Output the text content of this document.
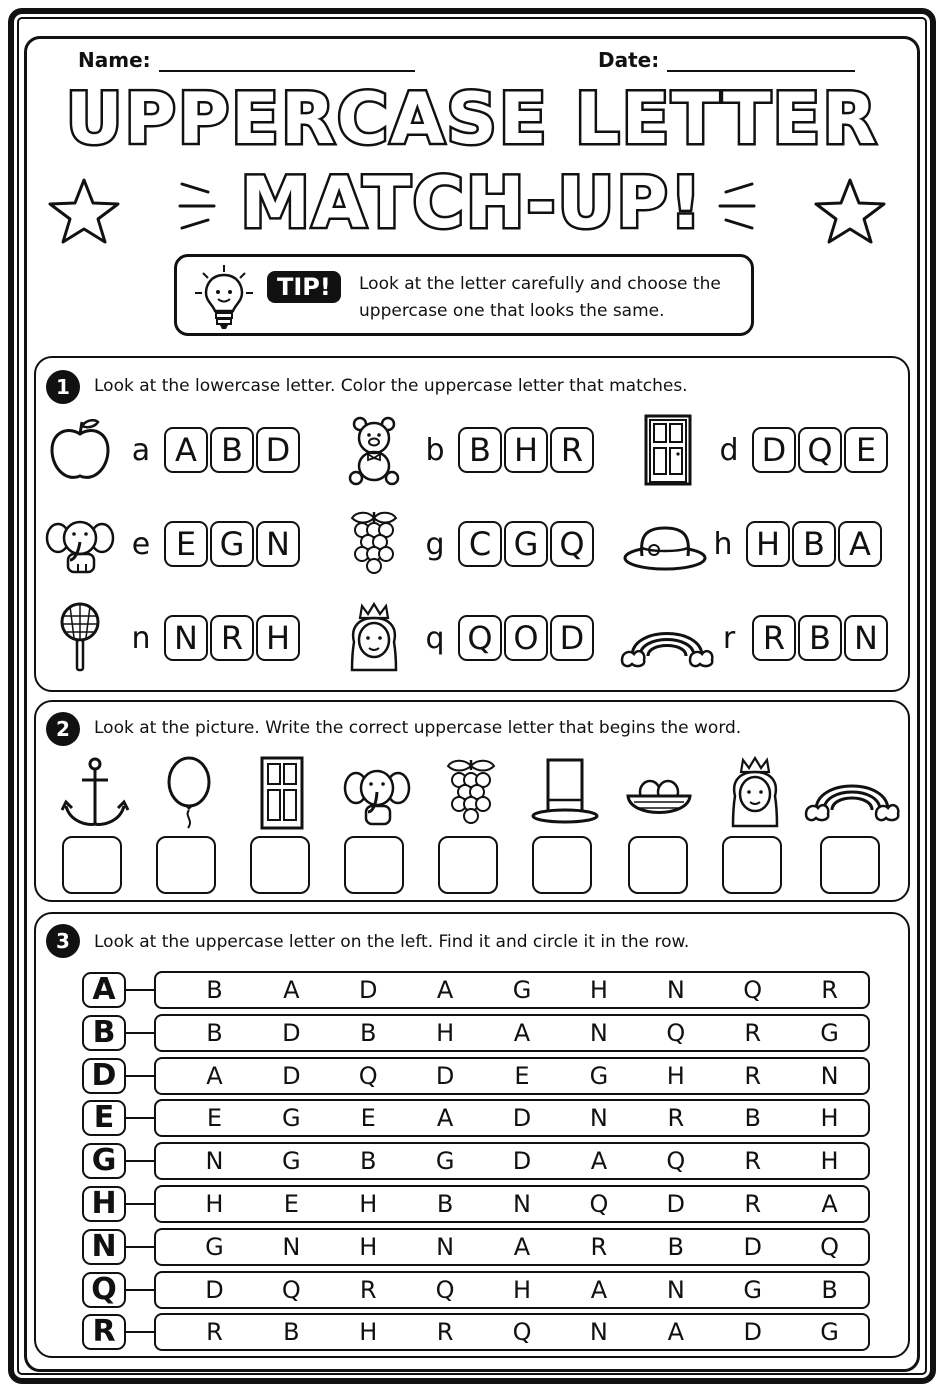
Name:	Date:
UPPERCASE LETTER
MATCH-UP!
TIP!	Look at the letter carefully and choose the uppercase one that looks the same.
1	Look at the lowercase letter. Color the uppercase letter that matches.
a A B D	b B H R	d D Q E
e E G N	g C G Q	h H B A
n N R H	q Q O D	r R B N
2	Look at the picture. Write the correct uppercase letter that begins the word.
3	Look at the uppercase letter on the left. Find it and circle it in the row.
A	B	A	D	A	G	H	N	Q	R
B	B	D	B	H	A	N	Q	R	G
D	A	D	Q	D	E	G	H	R	N
E	E	G	E	A	D	N	R	B	H
G	N	G	B	G	D	A	Q	R	H
H	H	E	H	B	N	Q	D	R	A
N	G	N	H	N	A	R	B	D	Q
Q	D	Q	R	Q	H	A	N	G	B
R	R	B	H	R	Q	N	A	D	G
